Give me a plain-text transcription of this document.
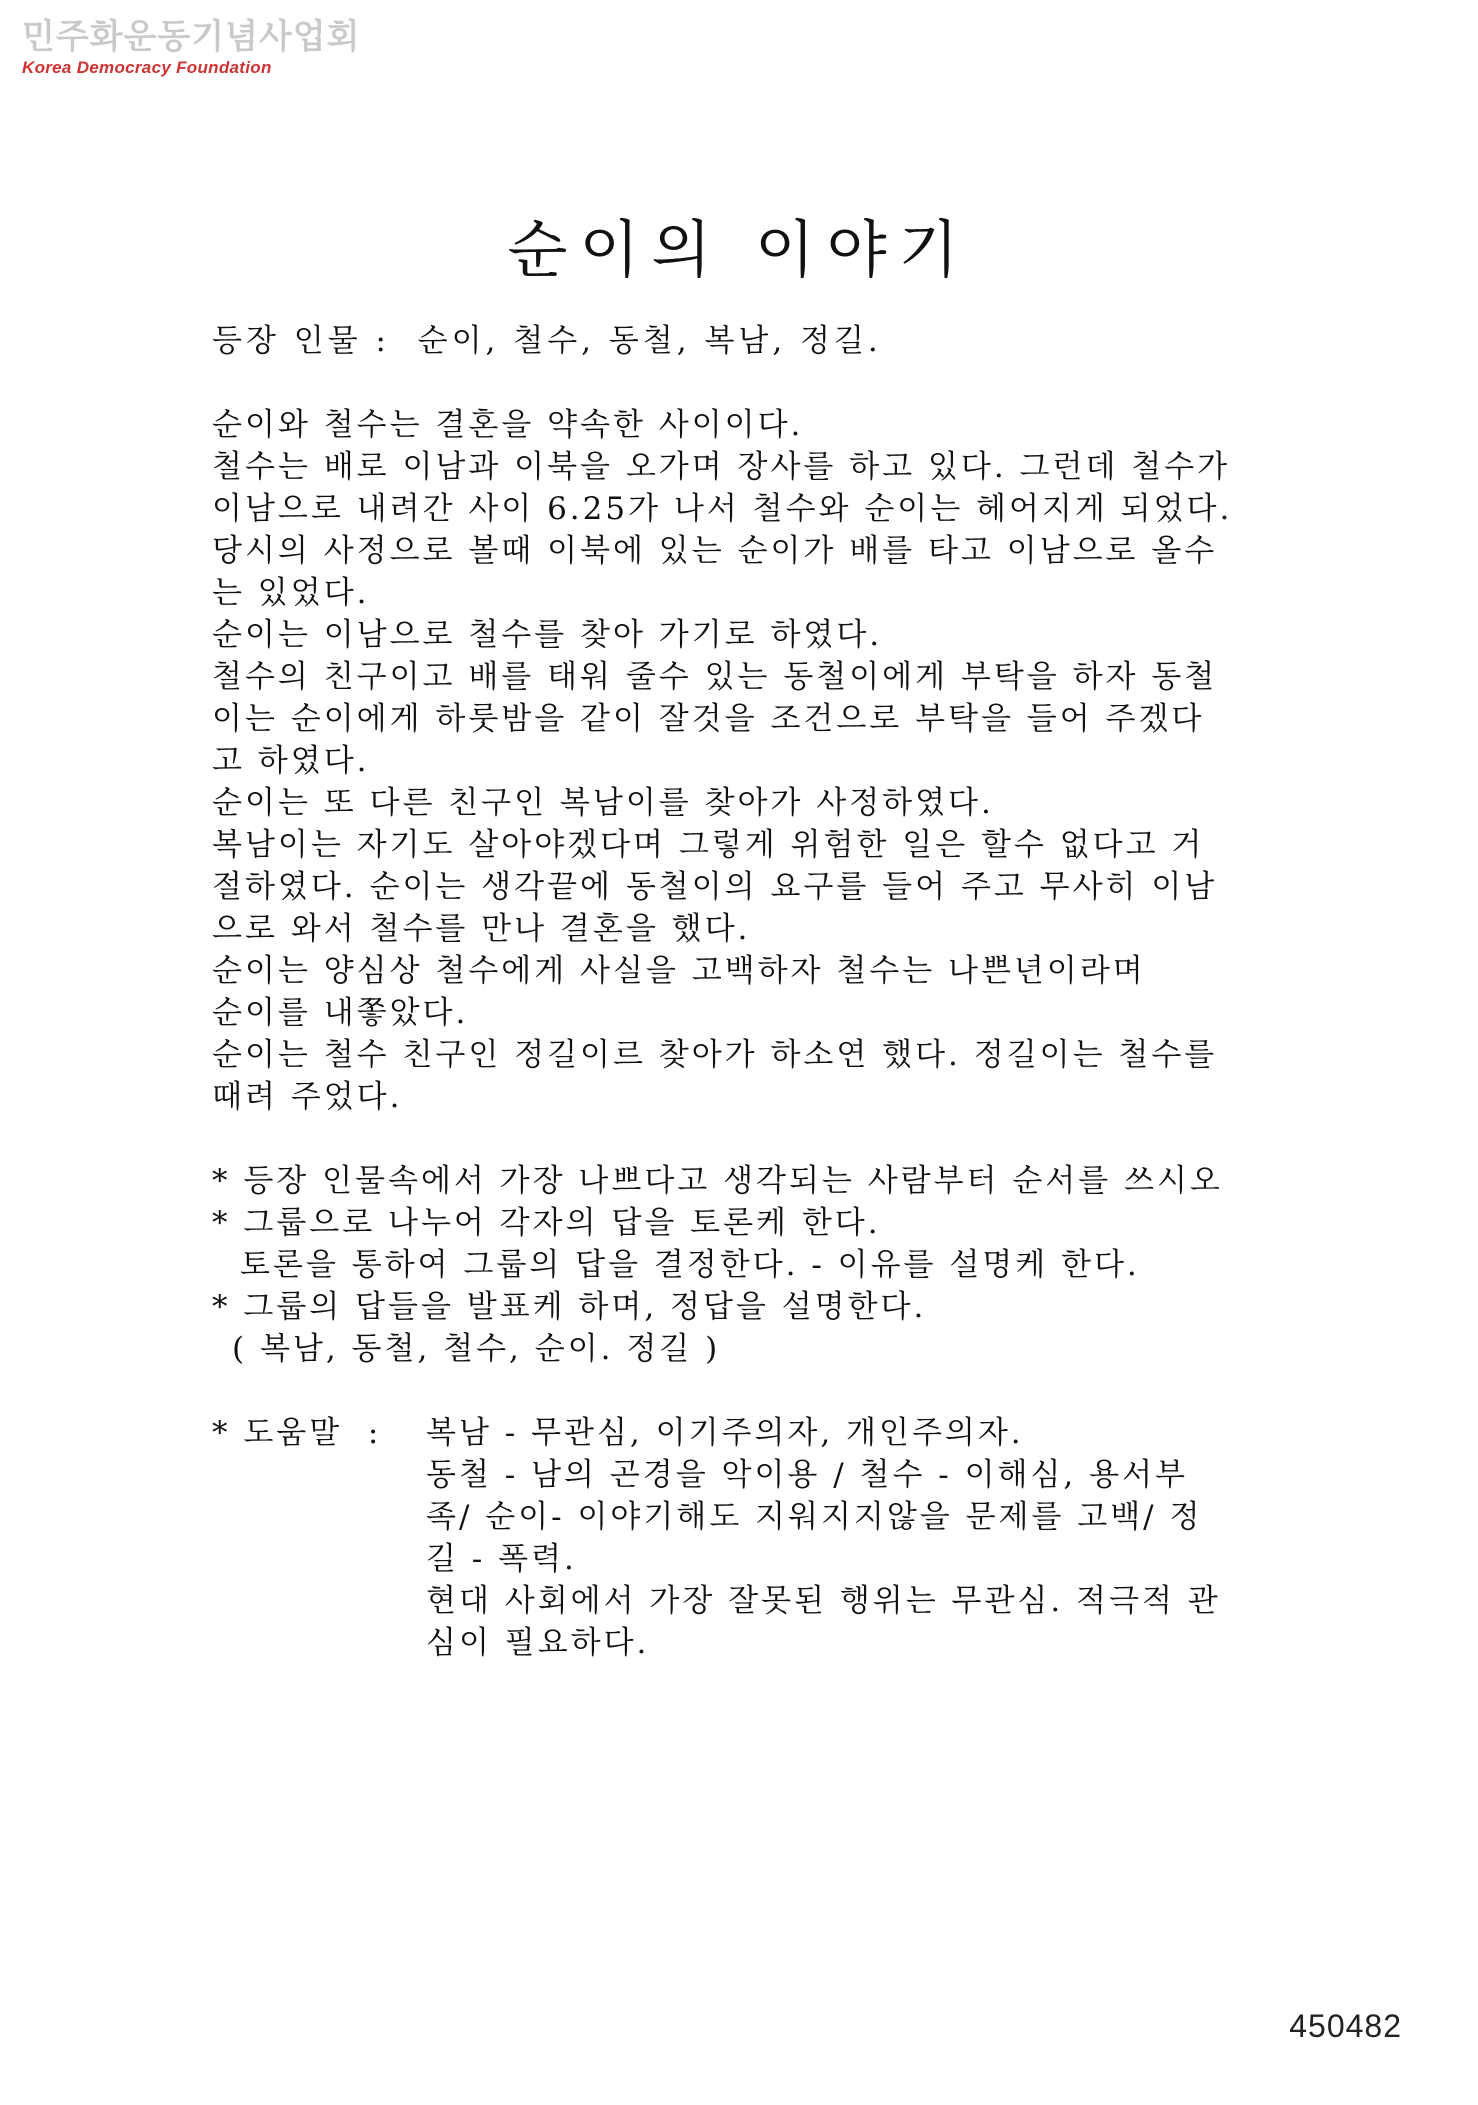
민주화운동기념사업회
Korea Democracy Foundation
순이의 이야기
등장 인물 :  순이, 철수, 동철, 복남, 정길.
순이와 철수는 결혼을 약속한 사이이다.
철수는 배로 이남과 이북을 오가며 장사를 하고 있다. 그런데 철수가
이남으로 내려간 사이 6.25가 나서 철수와 순이는 헤어지게 되었다.
당시의 사정으로 볼때 이북에 있는 순이가 배를 타고 이남으로 올수
는 있었다.
순이는 이남으로 철수를 찾아 가기로 하였다.
철수의 친구이고 배를 태워 줄수 있는 동철이에게 부탁을 하자 동철
이는 순이에게 하룻밤을 같이 잘것을 조건으로 부탁을 들어 주겠다
고 하였다.
순이는 또 다른 친구인 복남이를 찾아가 사정하였다.
복남이는 자기도 살아야겠다며 그렇게 위험한 일은 할수 없다고 거
절하였다. 순이는 생각끝에 동철이의 요구를 들어 주고 무사히 이남
으로 와서 철수를 만나 결혼을 했다.
순이는 양심상 철수에게 사실을 고백하자 철수는 나쁜년이라며
순이를 내쫗았다.
순이는 철수 친구인 정길이르 찾아가 하소연 했다. 정길이는 철수를
때려 주었다.
* 등장 인물속에서 가장 나쁘다고 생각되는 사람부터 순서를 쓰시오
* 그룹으로 나누어 각자의 답을 토론케 한다.
토론을 통하여 그룹의 답을 결정한다. - 이유를 설명케 한다.
* 그룹의 답들을 발표케 하며, 정답을 설명한다.
( 복남, 동철, 철수, 순이. 정길 )
* 도움말  : 복남 - 무관심, 이기주의자, 개인주의자.
동철 - 남의 곤경을 악이용 / 철수 - 이해심, 용서부
족/ 순이- 이야기해도 지워지지않을 문제를 고백/ 정
길 - 폭력.
현대 사회에서 가장 잘못된 행위는 무관심. 적극적 관
심이 필요하다.
450482
